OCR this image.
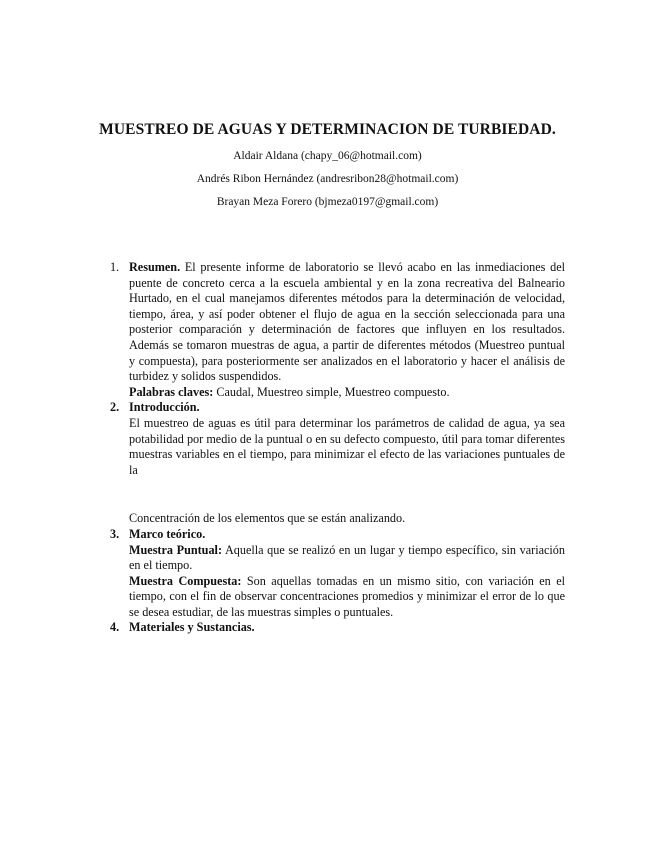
MUESTREO DE AGUAS Y DETERMINACION DE TURBIEDAD.
Aldair Aldana (chapy_06@hotmail.com)
Andrés Ribon Hernández (andresribon28@hotmail.com)
Brayan Meza Forero (bjmeza0197@gmail.com)
1. Resumen. El presente informe de laboratorio se llevó acabo en las inmediaciones del puente de concreto cerca a la escuela ambiental y en la zona recreativa del Balneario Hurtado, en el cual manejamos diferentes métodos para la determinación de velocidad, tiempo, área, y así poder obtener el flujo de agua en la sección seleccionada para una posterior comparación y determinación de factores que influyen en los resultados. Además se tomaron muestras de agua, a partir de diferentes métodos (Muestreo puntual y compuesta), para posteriormente ser analizados en el laboratorio y hacer el análisis de turbidez y solidos suspendidos.

Palabras claves: Caudal, Muestreo simple, Muestreo compuesto.

2. Introducción.

El muestreo de aguas es útil para determinar los parámetros de calidad de agua, ya sea potabilidad por medio de la puntual o en su defecto compuesto, útil para tomar diferentes muestras variables en el tiempo, para minimizar el efecto de las variaciones puntuales de la

Concentración de los elementos que se están analizando.

3. Marco teórico.

Muestra Puntual: Aquella que se realizó en un lugar y tiempo específico, sin variación en el tiempo.

Muestra Compuesta: Son aquellas tomadas en un mismo sitio, con variación en el tiempo, con el fin de observar concentraciones promedios y minimizar el error de lo que se desea estudiar, de las muestras simples o puntuales.

4. Materiales y Sustancias.
